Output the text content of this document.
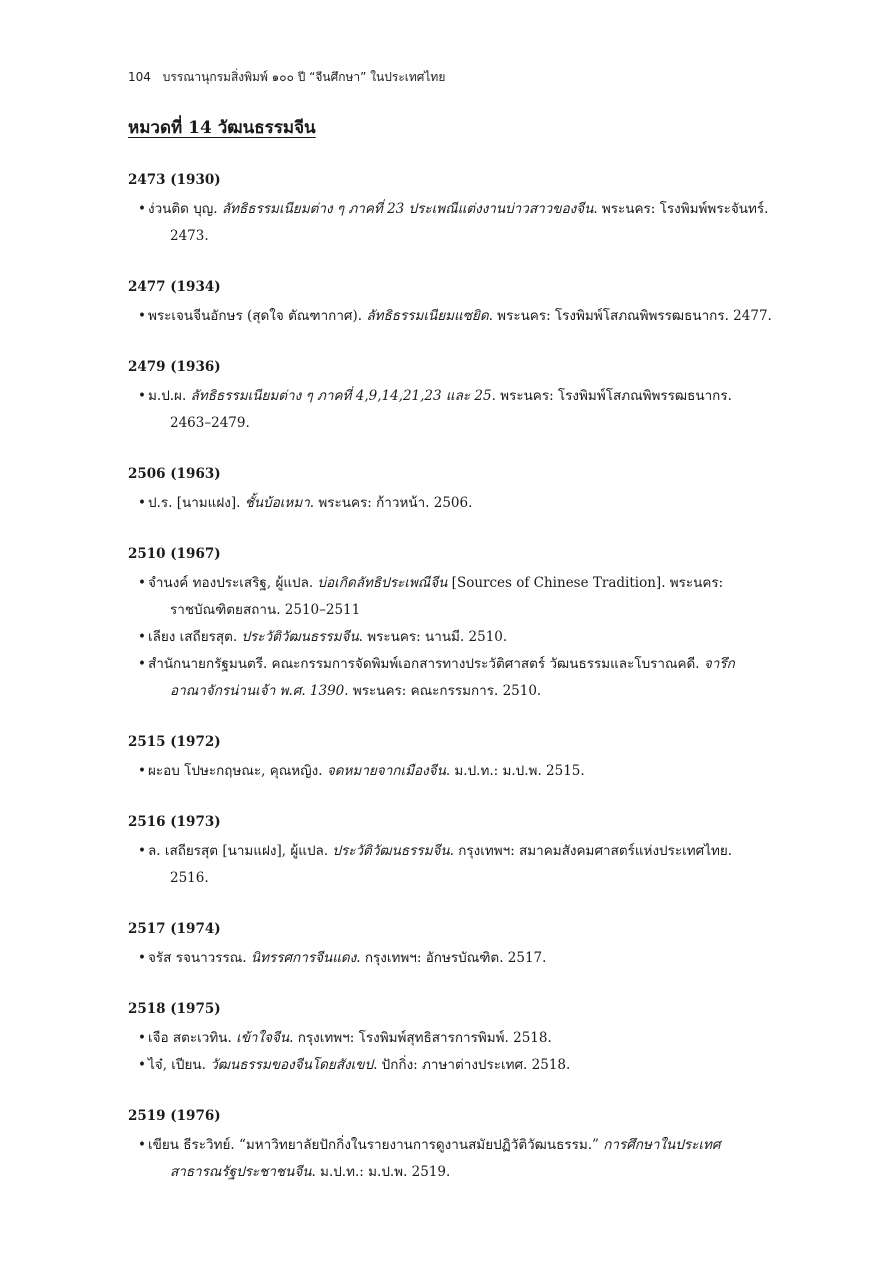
104 บรรณานุกรมสิ่งพิมพ์ ๑๐๐ ปี “จีนศึกษา” ในประเทศไทย
หมวดที่ 14 วัฒนธรรมจีน
2473 (1930)
• ง่วนติด บุญ. ลัทธิธรรมเนียมต่าง ๆ ภาคที่ 23 ประเพณีแต่งงานบ่าวสาวของจีน. พระนคร: โรงพิมพ์พระจันทร์. 2473.
2477 (1934)
• พระเจนจีนอักษร (สุดใจ ตัณฑากาศ). ลัทธิธรรมเนียมแซยิด. พระนคร: โรงพิมพ์โสภณพิพรรฒธนากร. 2477.
2479 (1936)
• ม.ป.ผ. ลัทธิธรรมเนียมต่าง ๆ ภาคที่ 4,9,14,21,23 และ 25. พระนคร: โรงพิมพ์โสภณพิพรรฒธนากร. 2463–2479.
2506 (1963)
• ป.ร. [นามแฝง]. ชั้นบ้อเหมา. พระนคร: ก้าวหน้า. 2506.
2510 (1967)
• จำนงค์ ทองประเสริฐ, ผู้แปล. บ่อเกิดลัทธิประเพณีจีน [Sources of Chinese Tradition]. พระนคร: ราชบัณฑิตยสถาน. 2510–2511
• เลียง เสถียรสุต. ประวัติวัฒนธรรมจีน. พระนคร: นานมี. 2510.
• สำนักนายกรัฐมนตรี. คณะกรรมการจัดพิมพ์เอกสารทางประวัติศาสตร์ วัฒนธรรมและโบราณคดี. จารึกอาณาจักรน่านเจ้า พ.ศ. 1390. พระนคร: คณะกรรมการ. 2510.
2515 (1972)
• ผะอบ โปษะกฤษณะ, คุณหญิง. จดหมายจากเมืองจีน. ม.ป.ท.: ม.ป.พ. 2515.
2516 (1973)
• ล. เสถียรสุต [นามแฝง], ผู้แปล. ประวัติวัฒนธรรมจีน. กรุงเทพฯ: สมาคมสังคมศาสตร์แห่งประเทศไทย. 2516.
2517 (1974)
• จรัส รจนาวรรณ. นิทรรศการจีนแดง. กรุงเทพฯ: อักษรบัณฑิต. 2517.
2518 (1975)
• เจือ สตะเวทิน. เข้าใจจีน. กรุงเทพฯ: โรงพิมพ์สุทธิสารการพิมพ์. 2518.
• ไจ๋, เปียน. วัฒนธรรมของจีนโดยสังเขป. ปักกิ่ง: ภาษาต่างประเทศ. 2518.
2519 (1976)
• เขียน ธีระวิทย์. “มหาวิทยาลัยปักกิ่งในรายงานการดูงานสมัยปฏิวัติวัฒนธรรม.” การศึกษาในประเทศสาธารณรัฐประชาชนจีน. ม.ป.ท.: ม.ป.พ. 2519.
